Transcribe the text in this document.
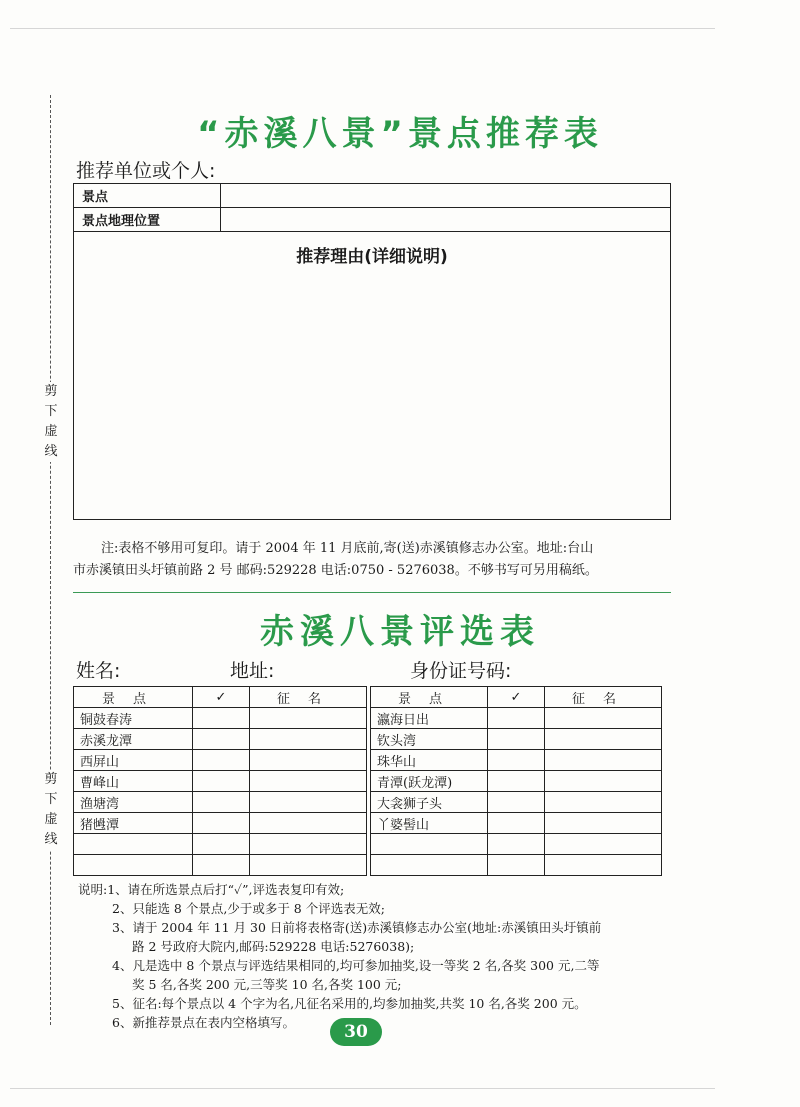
剪
下
虚
线
剪
下
虚
线
“赤溪八景”景点推荐表
推荐单位或个人:
景点	
景点地理位置	
推荐理由(详细说明)	
注:表格不够用可复印。请于 2004 年 11 月底前,寄(送)赤溪镇修志办公室。地址:台山
市赤溪镇田头圩镇前路 2 号 邮码:529228 电话:0750 - 5276038。不够书写可另用稿纸。
赤溪八景评选表
姓名:	地址:	身份证号码:
景点	✓	征名
铜鼓春涛		
赤溪龙潭		
西屏山		
曹峰山		
渔塘湾		
猪乸潭		

景点	✓	征名
瀛海日出		
钦头湾		
珠华山		
青潭(跃龙潭)		
大衾狮子头		
丫婆髻山		

说明:1、请在所选景点后打“✓”,评选表复印有效;
2、只能选 8 个景点,少于或多于 8 个评选表无效;
3、请于 2004 年 11 月 30 日前将表格寄(送)赤溪镇修志办公室(地址:赤溪镇田头圩镇前
路 2 号政府大院内,邮码:529228 电话:5276038);
4、凡是选中 8 个景点与评选结果相同的,均可参加抽奖,设一等奖 2 名,各奖 300 元,二等
奖 5 名,各奖 200 元,三等奖 10 名,各奖 100 元;
5、征名:每个景点以 4 个字为名,凡征名采用的,均参加抽奖,共奖 10 名,各奖 200 元。
6、新推荐景点在表内空格填写。	30
